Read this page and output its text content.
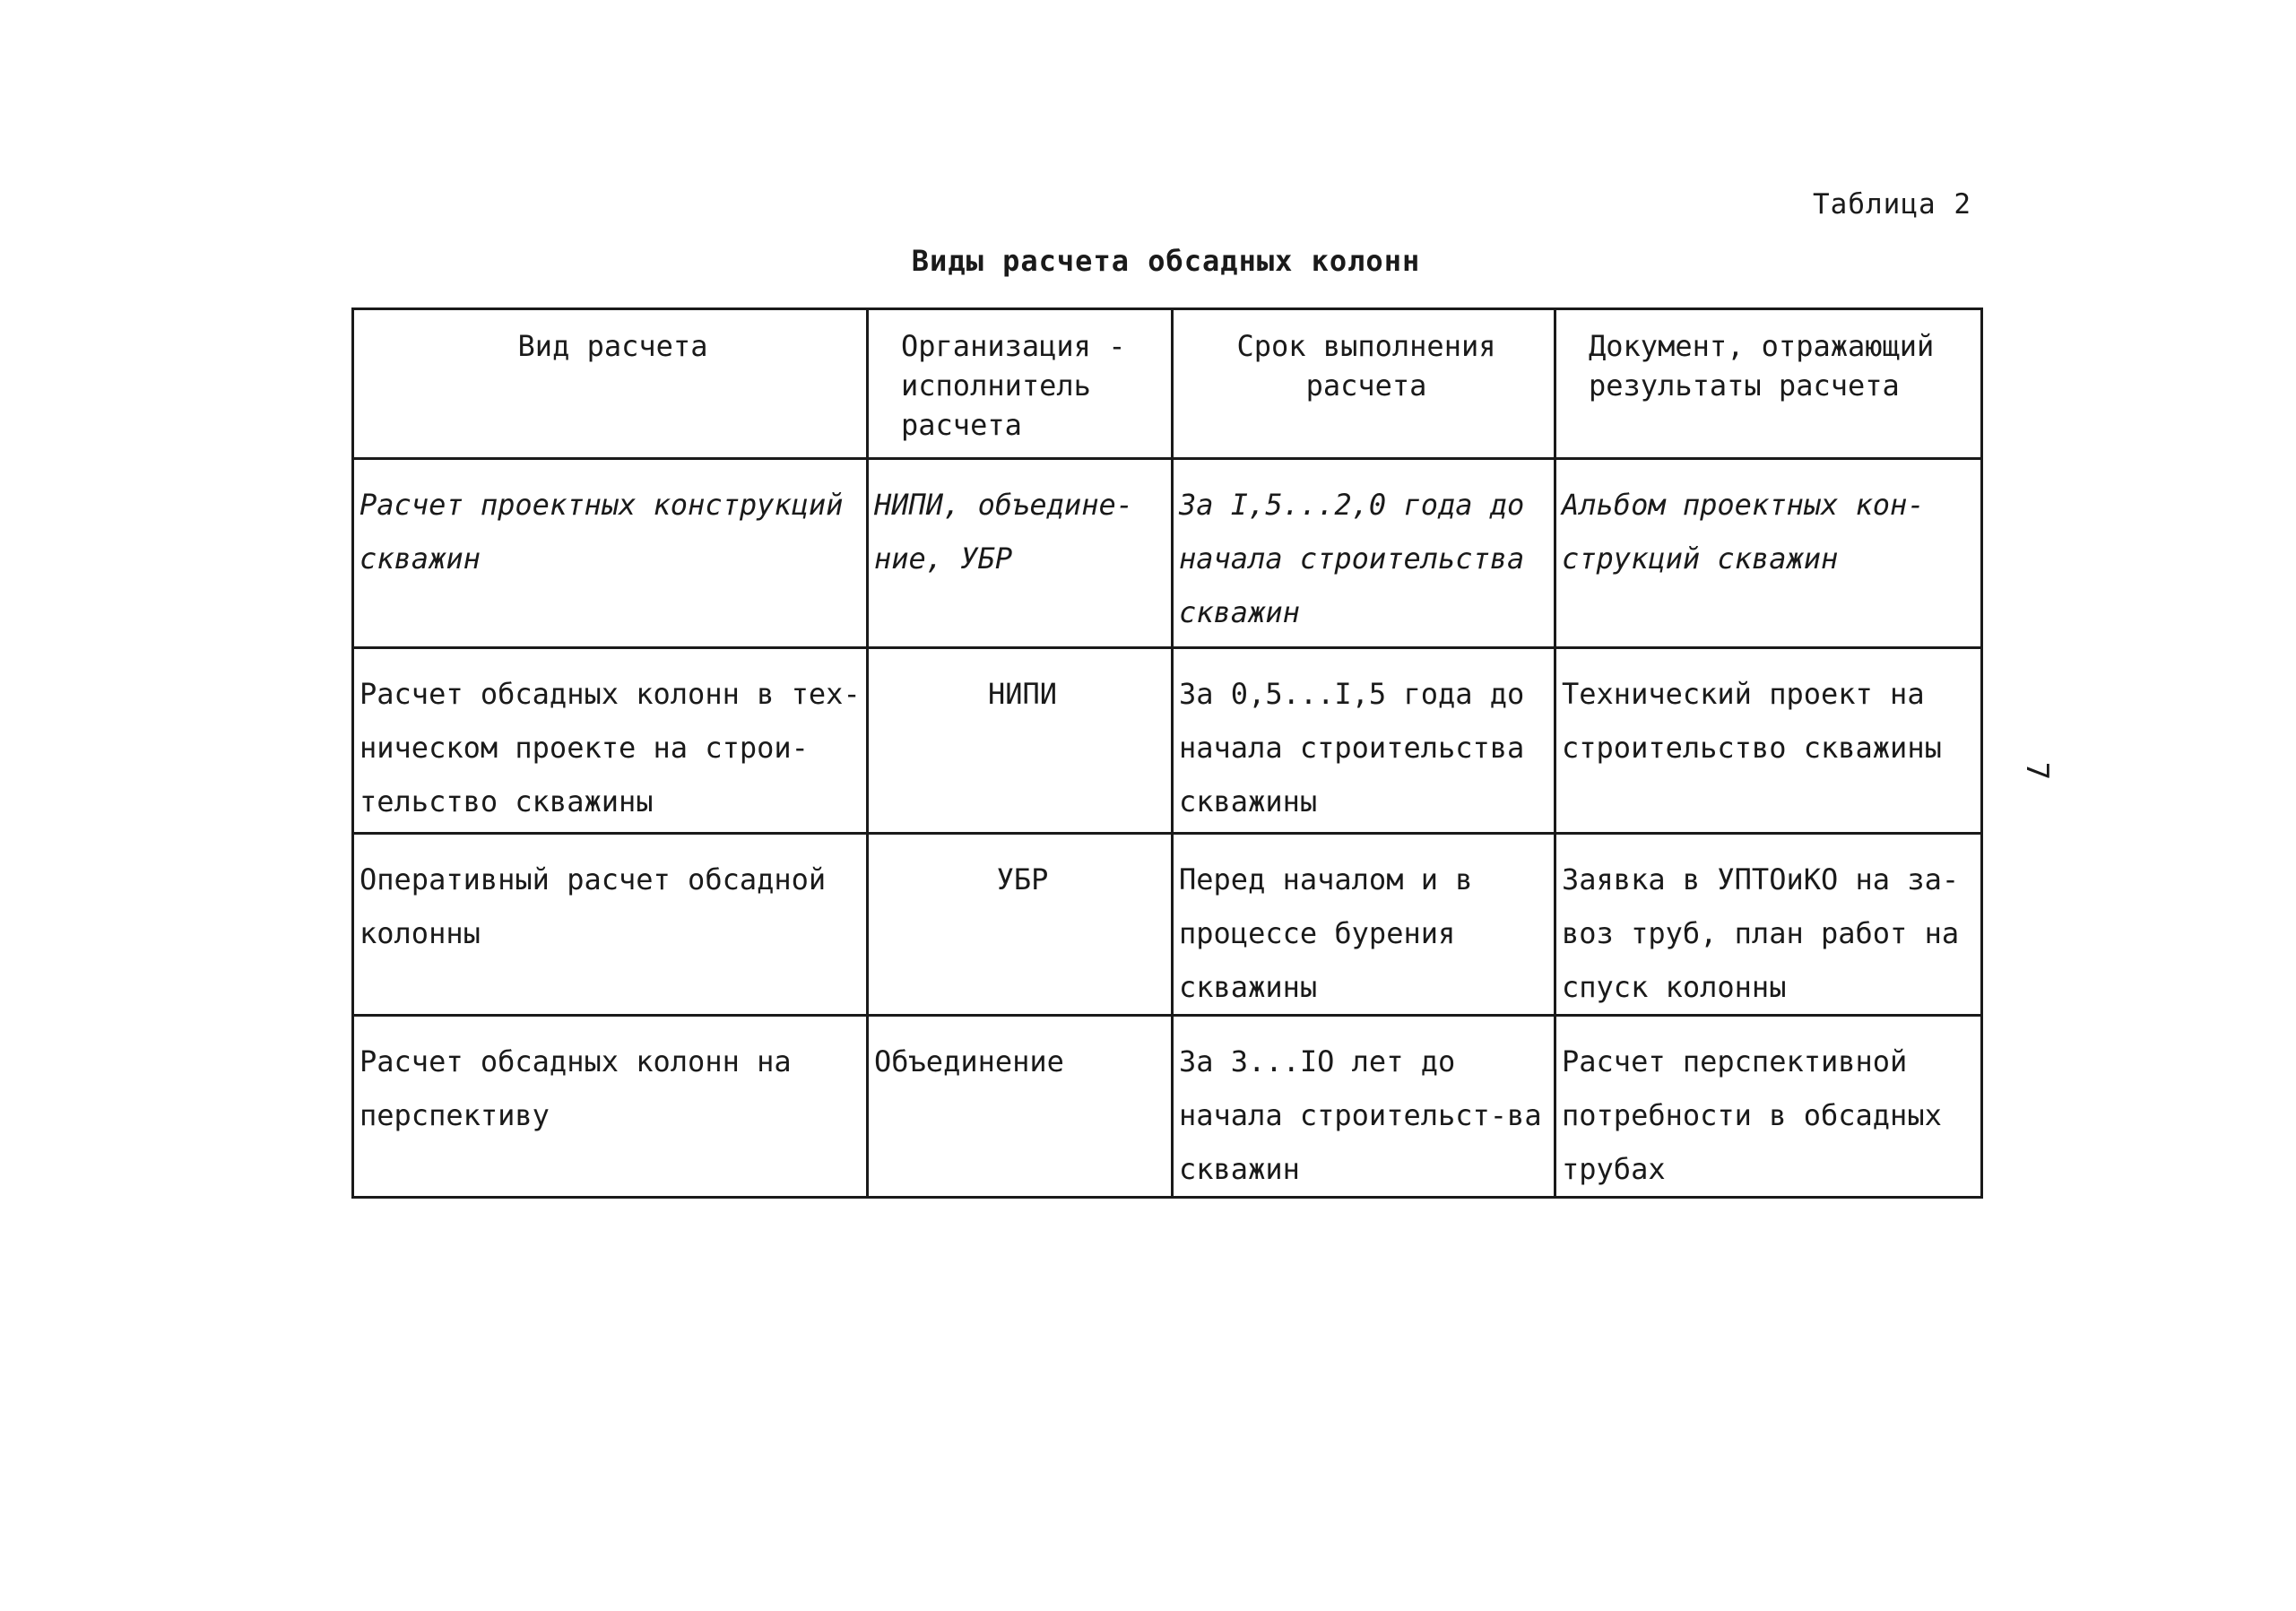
Таблица 2
Виды расчета обсадных колонн
7
Вид расчета	Организация - исполнитель расчета	Срок выполнения расчета	Документ, отражающий результаты расчета
Расчет проектных конструкций скважин	НИПИ, объедине-ние, УБР	За I,5...2,0 года до начала строительства скважин	Альбом проектных кон-струкций скважин
Расчет обсадных колонн в тех-ническом проекте на строи-тельство скважины	НИПИ	За 0,5...I,5 года до начала строительства скважины	Технический проект на строительство скважины
Оперативный расчет обсадной колонны	УБР	Перед началом и в процессе бурения скважины	Заявка в УПТОиКО на за-воз труб, план работ на спуск колонны
Расчет обсадных колонн на перспективу	Объединение	За 3...IO лет до начала строительст-ва скважин	Расчет перспективной потребности в обсадных трубах
